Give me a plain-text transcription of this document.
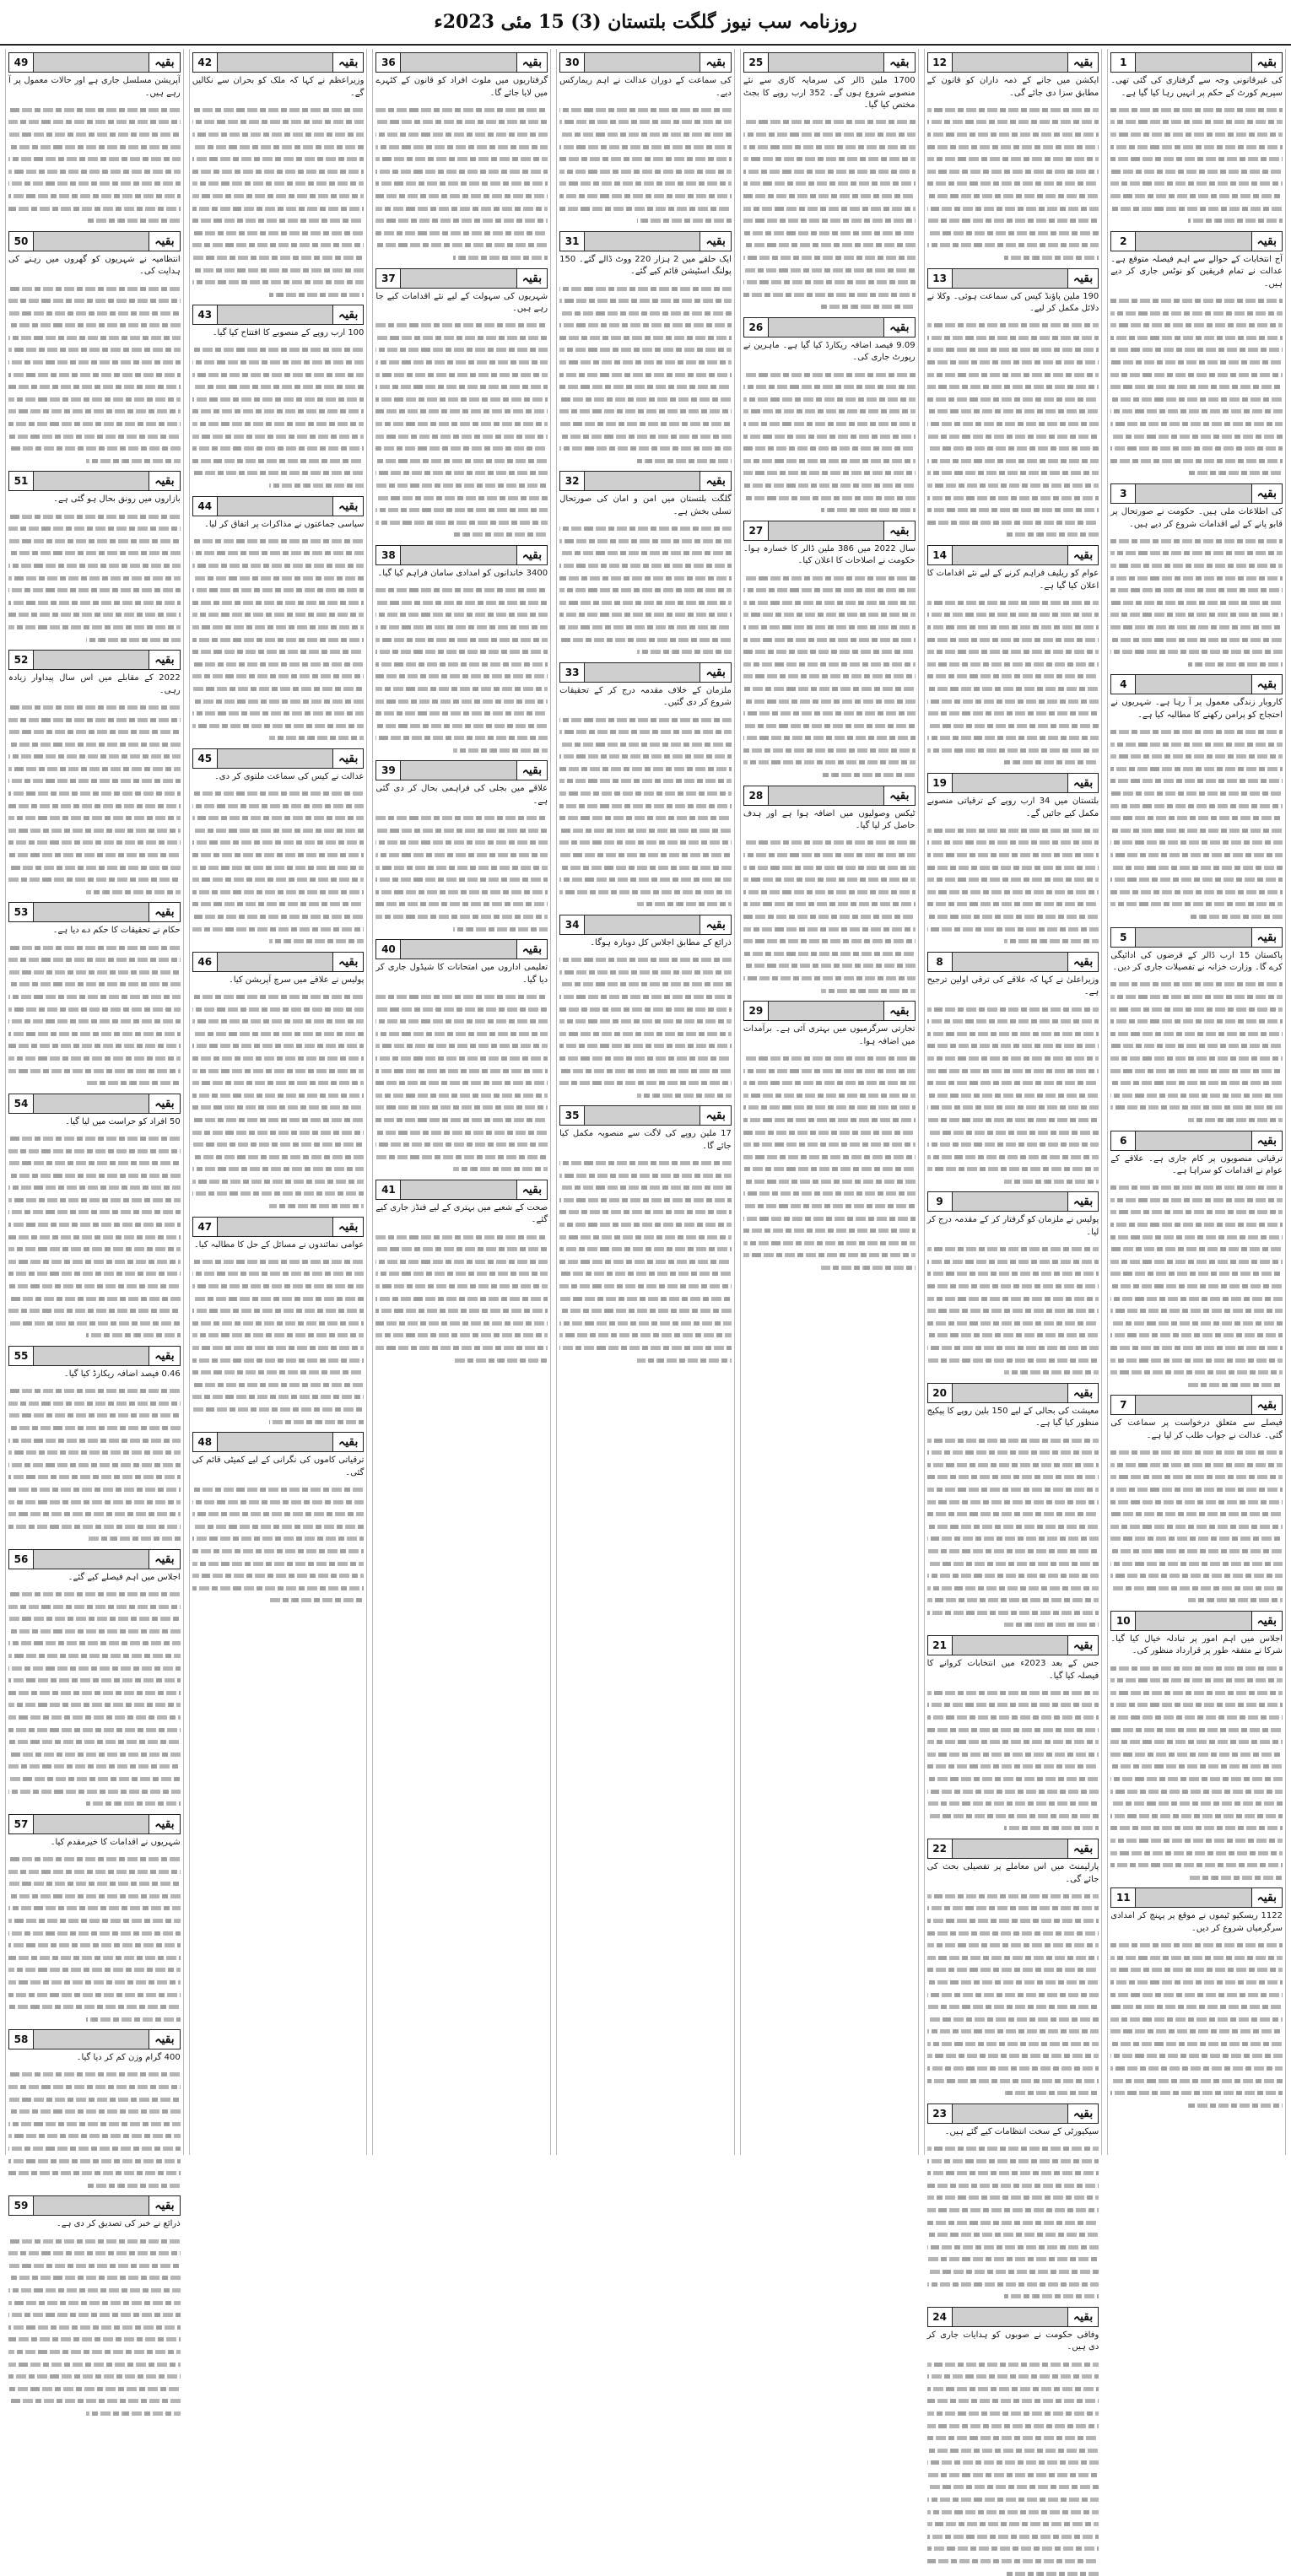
روزنامہ سب نیوز گلگت بلتستان (3) 15 مئی 2023ء
بقیہ
1
کی غیرقانونی وجہ سے گرفتاری کی گئی تھی۔ سپریم کورٹ کے حکم پر انہیں رہا کیا گیا ہے۔
بقیہ
2
آج انتخابات کے حوالے سے اہم فیصلہ متوقع ہے۔ عدالت نے تمام فریقین کو نوٹس جاری کر دیے ہیں۔
بقیہ
3
کی اطلاعات ملی ہیں۔ حکومت نے صورتحال پر قابو پانے کے لیے اقدامات شروع کر دیے ہیں۔
بقیہ
4
کاروبار زندگی معمول پر آ رہا ہے۔ شہریوں نے احتجاج کو پرامن رکھنے کا مطالبہ کیا ہے۔
بقیہ
5
پاکستان 15 ارب ڈالر کے قرضوں کی ادائیگی کرے گا۔ وزارت خزانہ نے تفصیلات جاری کر دیں۔
بقیہ
6
ترقیاتی منصوبوں پر کام جاری ہے۔ علاقے کے عوام نے اقدامات کو سراہا ہے۔
بقیہ
7
فیصلے سے متعلق درخواست پر سماعت کی گئی۔ عدالت نے جواب طلب کر لیا ہے۔
بقیہ
10
اجلاس میں اہم امور پر تبادلہ خیال کیا گیا۔ شرکا نے متفقہ طور پر قرارداد منظور کی۔
بقیہ
11
1122 ریسکیو ٹیموں نے موقع پر پہنچ کر امدادی سرگرمیاں شروع کر دیں۔
بقیہ
12
ایکشن میں جانے کے ذمہ داران کو قانون کے مطابق سزا دی جائے گی۔
بقیہ
13
190 ملین پاؤنڈ کیس کی سماعت ہوئی۔ وکلا نے دلائل مکمل کر لیے۔
بقیہ
14
عوام کو ریلیف فراہم کرنے کے لیے نئے اقدامات کا اعلان کیا گیا ہے۔
بقیہ
19
بلتستان میں 34 ارب روپے کے ترقیاتی منصوبے مکمل کیے جائیں گے۔
بقیہ
8
وزیراعلیٰ نے کہا کہ علاقے کی ترقی اولین ترجیح ہے۔
بقیہ
9
پولیس نے ملزمان کو گرفتار کر کے مقدمہ درج کر لیا۔
بقیہ
20
معیشت کی بحالی کے لیے 150 بلین روپے کا پیکیج منظور کیا گیا ہے۔
بقیہ
21
جس کے بعد 2023ء میں انتخابات کروانے کا فیصلہ کیا گیا۔
بقیہ
22
پارلیمنٹ میں اس معاملے پر تفصیلی بحث کی جائے گی۔
بقیہ
23
سیکیورٹی کے سخت انتظامات کیے گئے ہیں۔
بقیہ
24
وفاقی حکومت نے صوبوں کو ہدایات جاری کر دی ہیں۔
بقیہ
25
1700 ملین ڈالر کی سرمایہ کاری سے نئے منصوبے شروع ہوں گے۔ 352 ارب روپے کا بجٹ مختص کیا گیا۔
بقیہ
26
9.09 فیصد اضافہ ریکارڈ کیا گیا ہے۔ ماہرین نے رپورٹ جاری کی۔
بقیہ
27
سال 2022 میں 386 ملین ڈالر کا خسارہ ہوا۔ حکومت نے اصلاحات کا اعلان کیا۔
بقیہ
28
ٹیکس وصولیوں میں اضافہ ہوا ہے اور ہدف حاصل کر لیا گیا۔
بقیہ
29
تجارتی سرگرمیوں میں بہتری آئی ہے۔ برآمدات میں اضافہ ہوا۔
بقیہ
30
کی سماعت کے دوران عدالت نے اہم ریمارکس دیے۔
بقیہ
31
ایک حلقے میں 2 ہزار 220 ووٹ ڈالے گئے۔ 150 پولنگ اسٹیشن قائم کیے گئے۔
بقیہ
32
گلگت بلتستان میں امن و امان کی صورتحال تسلی بخش ہے۔
بقیہ
33
ملزمان کے خلاف مقدمہ درج کر کے تحقیقات شروع کر دی گئیں۔
بقیہ
34
ذرائع کے مطابق اجلاس کل دوبارہ ہوگا۔
بقیہ
35
17 ملین روپے کی لاگت سے منصوبہ مکمل کیا جائے گا۔
بقیہ
36
گرفتاریوں میں ملوث افراد کو قانون کے کٹہرے میں لایا جائے گا۔
بقیہ
37
شہریوں کی سہولت کے لیے نئے اقدامات کیے جا رہے ہیں۔
بقیہ
38
3400 خاندانوں کو امدادی سامان فراہم کیا گیا۔
بقیہ
39
علاقے میں بجلی کی فراہمی بحال کر دی گئی ہے۔
بقیہ
40
تعلیمی اداروں میں امتحانات کا شیڈول جاری کر دیا گیا۔
بقیہ
41
صحت کے شعبے میں بہتری کے لیے فنڈز جاری کیے گئے۔
بقیہ
42
وزیراعظم نے کہا کہ ملک کو بحران سے نکالیں گے۔
بقیہ
43
100 ارب روپے کے منصوبے کا افتتاح کیا گیا۔
بقیہ
44
سیاسی جماعتوں نے مذاکرات پر اتفاق کر لیا۔
بقیہ
45
عدالت نے کیس کی سماعت ملتوی کر دی۔
بقیہ
46
پولیس نے علاقے میں سرچ آپریشن کیا۔
بقیہ
47
عوامی نمائندوں نے مسائل کے حل کا مطالبہ کیا۔
بقیہ
48
ترقیاتی کاموں کی نگرانی کے لیے کمیٹی قائم کی گئی۔
بقیہ
49
آپریشن مسلسل جاری ہے اور حالات معمول پر آ رہے ہیں۔
بقیہ
50
انتظامیہ نے شہریوں کو گھروں میں رہنے کی ہدایت کی۔
بقیہ
51
بازاروں میں رونق بحال ہو گئی ہے۔
بقیہ
52
2022 کے مقابلے میں اس سال پیداوار زیادہ رہی۔
بقیہ
53
حکام نے تحقیقات کا حکم دے دیا ہے۔
بقیہ
54
50 افراد کو حراست میں لیا گیا۔
بقیہ
55
0.46 فیصد اضافہ ریکارڈ کیا گیا۔
بقیہ
56
اجلاس میں اہم فیصلے کیے گئے۔
بقیہ
57
شہریوں نے اقدامات کا خیرمقدم کیا۔
بقیہ
58
400 گرام وزن کم کر دیا گیا۔
بقیہ
59
ذرائع نے خبر کی تصدیق کر دی ہے۔
